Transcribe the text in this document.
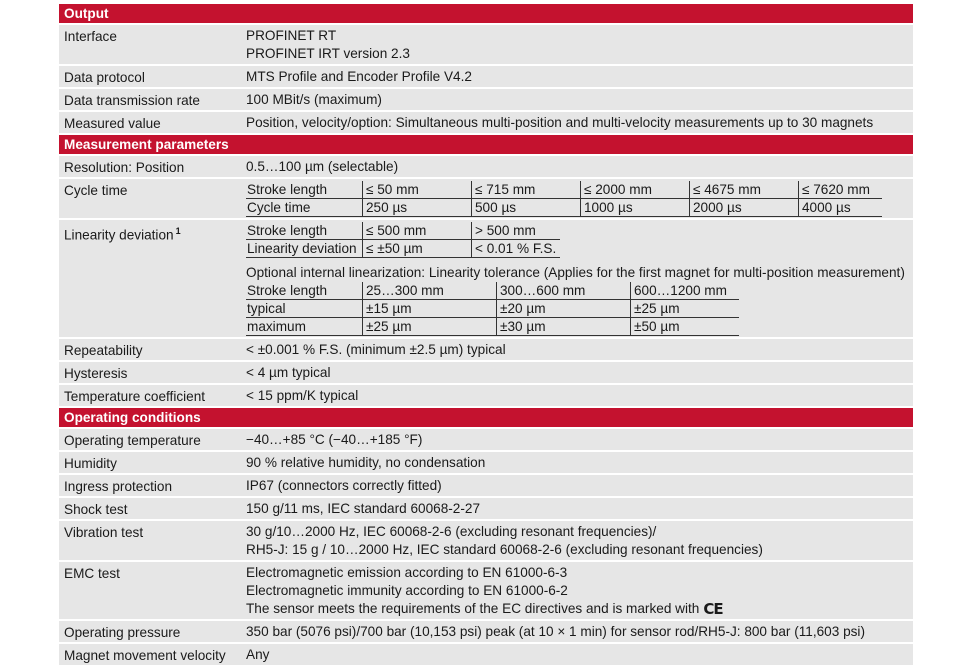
Output
Interface	PROFINET RT
PROFINET IRT version 2.3
Data protocol	MTS Profile and Encoder Profile V4.2
Data transmission rate	100 MBit/s (maximum)
Measured value	Position, velocity/option: Simultaneous multi-position and multi-velocity measurements up to 30 magnets
Measurement parameters
Resolution: Position	0.5…100 µm (selectable)
Cycle time	Stroke length	≤ 50 mm	≤ 715 mm	≤ 2000 mm	≤ 4675 mm	≤ 7620 mm
Cycle time	250 µs	500 µs	1000 µs	2000 µs	4000 µs
Linearity deviation $^1$	Stroke length	≤ 500 mm	> 500 mm
Linearity deviation	≤ ±50 µm	< 0.01 % F.S.
Optional internal linearization: Linearity tolerance (Applies for the first magnet for multi-position measurement)
Stroke length	25…300 mm	300…600 mm	600…1200 mm
typical	±15 µm	±20 µm	±25 µm
maximum	±25 µm	±30 µm	±50 µm
Repeatability	< ±0.001 % F.S. (minimum ±2.5 µm) typical
Hysteresis	< 4 µm typical
Temperature coefficient	< 15 ppm/K typical
Operating conditions
Operating temperature	−40…+85 °C (−40…+185 °F)
Humidity	90 % relative humidity, no condensation
Ingress protection	IP67 (connectors correctly fitted)
Shock test	150 g/11 ms, IEC standard 60068-2-27
Vibration test	30 g/10…2000 Hz, IEC 60068-2-6 (excluding resonant frequencies)/
RH5-J: 15 g / 10…2000 Hz, IEC standard 60068-2-6 (excluding resonant frequencies)
EMC test	Electromagnetic emission according to EN 61000-6-3
Electromagnetic immunity according to EN 61000-6-2
The sensor meets the requirements of the EC directives and is marked with CE
Operating pressure	350 bar (5076 psi)/700 bar (10,153 psi) peak (at 10 × 1 min) for sensor rod/RH5-J: 800 bar (11,603 psi)
Magnet movement velocity	Any
